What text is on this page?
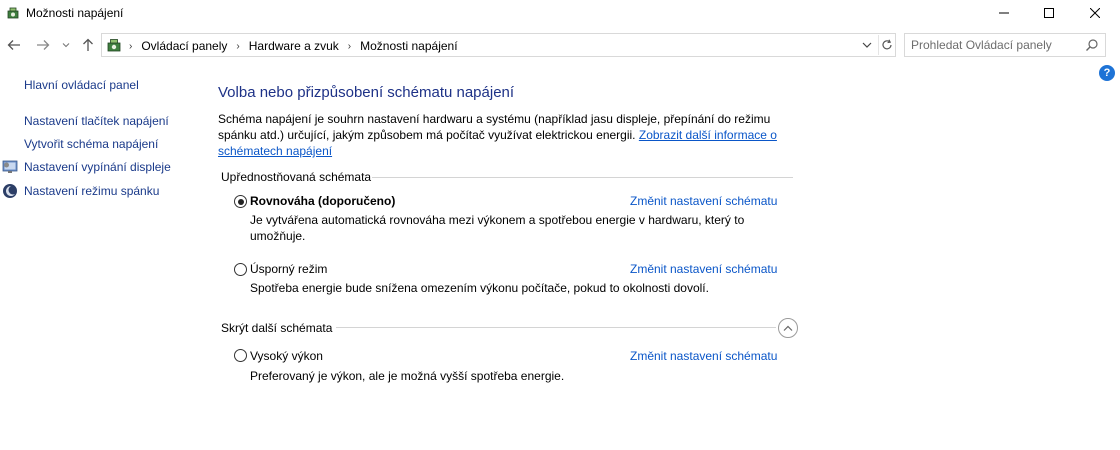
Možnosti napájení
› Ovládací panely › Hardware a zvuk › Možnosti napájení
Prohledat Ovládací panely
?
Hlavní ovládací panel
Nastavení tlačítek napájení
Vytvořit schéma napájení
Nastavení vypínání displeje
Nastavení režimu spánku
Volba nebo přizpůsobení schématu napájení
Schéma napájení je souhrn nastavení hardwaru a systému (například jasu displeje, přepínání do režimu spánku atd.) určující, jakým způsobem má počítač využívat elektrickou energii. Zobrazit další informace o schématech napájení
Upřednostňovaná schémata
Rovnováha (doporučeno)	Změnit nastavení schématu
Je vytvářena automatická rovnováha mezi výkonem a spotřebou energie v hardwaru, který to umožňuje.
Úsporný režim	Změnit nastavení schématu
Spotřeba energie bude snížena omezením výkonu počítače, pokud to okolnosti dovolí.
Skrýt další schémata
Vysoký výkon	Změnit nastavení schématu
Preferovaný je výkon, ale je možná vyšší spotřeba energie.
